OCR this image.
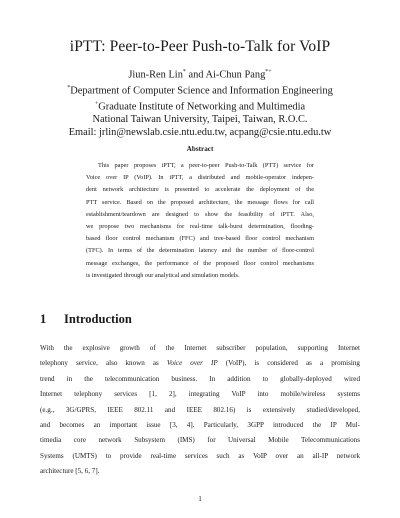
iPTT: Peer-to-Peer Push-to-Talk for VoIP
Jiun-Ren Lin* and Ai-Chun Pang*+
*Department of Computer Science and Information Engineering
+Graduate Institute of Networking and Multimedia
National Taiwan University, Taipei, Taiwan, R.O.C.
Email: jrlin@newslab.csie.ntu.edu.tw, acpang@csie.ntu.edu.tw
Abstract
This paper proposes iPTT, a peer-to-peer Push-to-Talk (PTT) service for
Voice over IP (VoIP). In iPTT, a distributed and mobile-operator indepen-
dent network architecture is presented to accelerate the deployment of the
PTT service. Based on the proposed architecture, the message flows for call
establishment/teardown are designed to show the feasibility of iPTT. Also,
we propose two mechanisms for real-time talk-burst determination, flooding-
based floor control mechanism (FFC) and tree-based floor control mechanism
(TFC). In terms of the determination latency and the number of floor-control
message exchanges, the performance of the proposed floor control mechanisms
is investigated through our analytical and simulation models.
1 Introduction
With the explosive growth of the Internet subscriber population, supporting Internet
telephony service, also known as Voice over IP (VoIP), is considered as a promising
trend in the telecommunication business. In addition to globally-deployed wired
Internet telephony services [1, 2], integrating VoIP into mobile/wireless systems
(e.g., 3G/GPRS, IEEE 802.11 and IEEE 802.16) is extensively studied/developed,
and becomes an important issue [3, 4]. Particularly, 3GPP introduced the IP Mul-
timedia core network Subsystem (IMS) for Universal Mobile Telecommunications
Systems (UMTS) to provide real-time services such as VoIP over an all-IP network
architecture [5, 6, 7].
1
